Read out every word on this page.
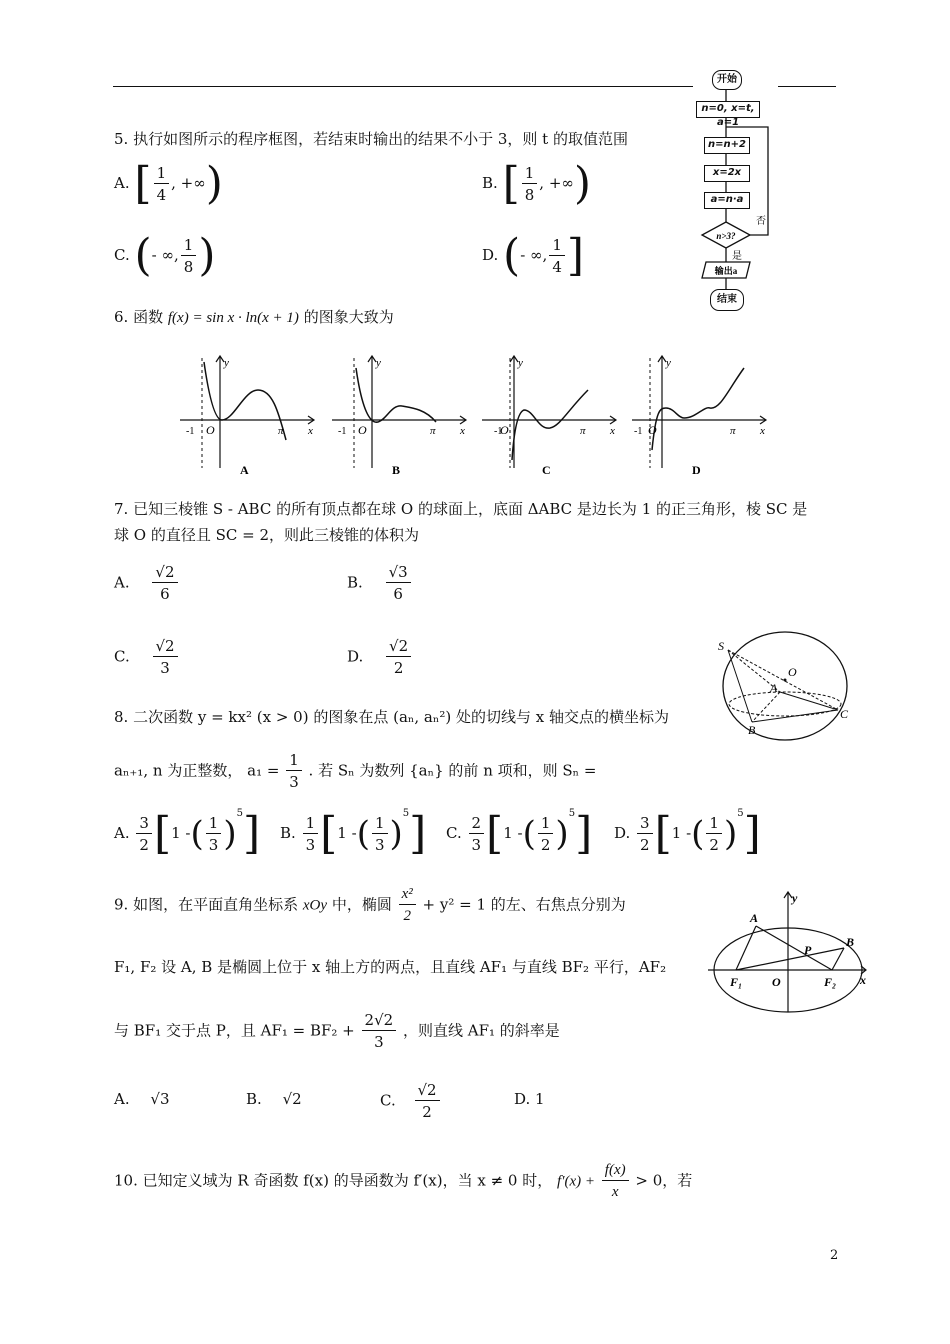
n>3?
输出a
否
是
开始
n=0, x=t, a=1
n=n+2
x=2x
a=n·a
结束
5. 执行如图所示的程序框图，若结束时输出的结果不小于 3，则 t 的取值范围
A. [ $\frac{1}{4}$ , +∞)	B. [ $\frac{1}{8}$ , +∞)
C. (- ∞, $\frac{1}{8}$ )	D. (- ∞, $\frac{1}{4}$ ]
6. 函数 f(x) = sin x · ln(x + 1) 的图象大致为
y
x
O
-1	π
A
y
x
O
-1	π
B
y
x
O
-1	π
C
y
x
O
-1	π
D
7. 已知三棱锥 S - ABC 的所有顶点都在球 O 的球面上，底面 ΔABC 是边长为 1 的正三角形，棱 SC 是
球 O 的直径且 SC = 2，则此三棱锥的体积为
A. $\frac{√2}{6}$	B. $\frac{√3}{6}$
C. $\frac{√2}{3}$	D. $\frac{√2}{2}$	S
O
A
B
C
8. 二次函数 y = kx² (x > 0) 的图象在点 (aₙ, aₙ²) 处的切线与 x 轴交点的横坐标为
aₙ₊₁, n 为正整数， $a_1 = \frac{1}{3}$ . 若 Sₙ 为数列 {aₙ} 的前 n 项和，则 Sₙ =
A. $\frac{3}{2} [1$ -( $\frac{1}{3} )^5$] B. $\frac{1}{3} [1$ -( $\frac{1}{3} )^5$] C. $\frac{2}{3} [1$ -( $\frac{1}{2} )^5$] D. $\frac{3}{2} [1$ -( $\frac{1}{2} )^5$]
9. 如图，在平面直角坐标系 xOy 中，椭圆 $\frac{\text{x²}}{2} + y^2 = 1$ 的左、右焦点分别为
F₁, F₂ 设 A, B 是椭圆上位于 x 轴上方的两点，且直线 AF₁ 与直线 BF₂ 平行，AF₂
与 BF₁ 交于点 P，且 $AF_1 = BF_2 + \frac{2√2}{3}$ ，则直线 AF₁ 的斜率是
A. √3	B. √2	C. $\frac{√2}{2}$	D. 1
y
x
A
B
P
O
F₁	F₂
10. 已知定义域为 R 奇函数 f(x) 的导函数为 f′(x)，当 x ≠ 0 时， $f'(x) + \frac{f(x)}{x} > 0$，若
2
